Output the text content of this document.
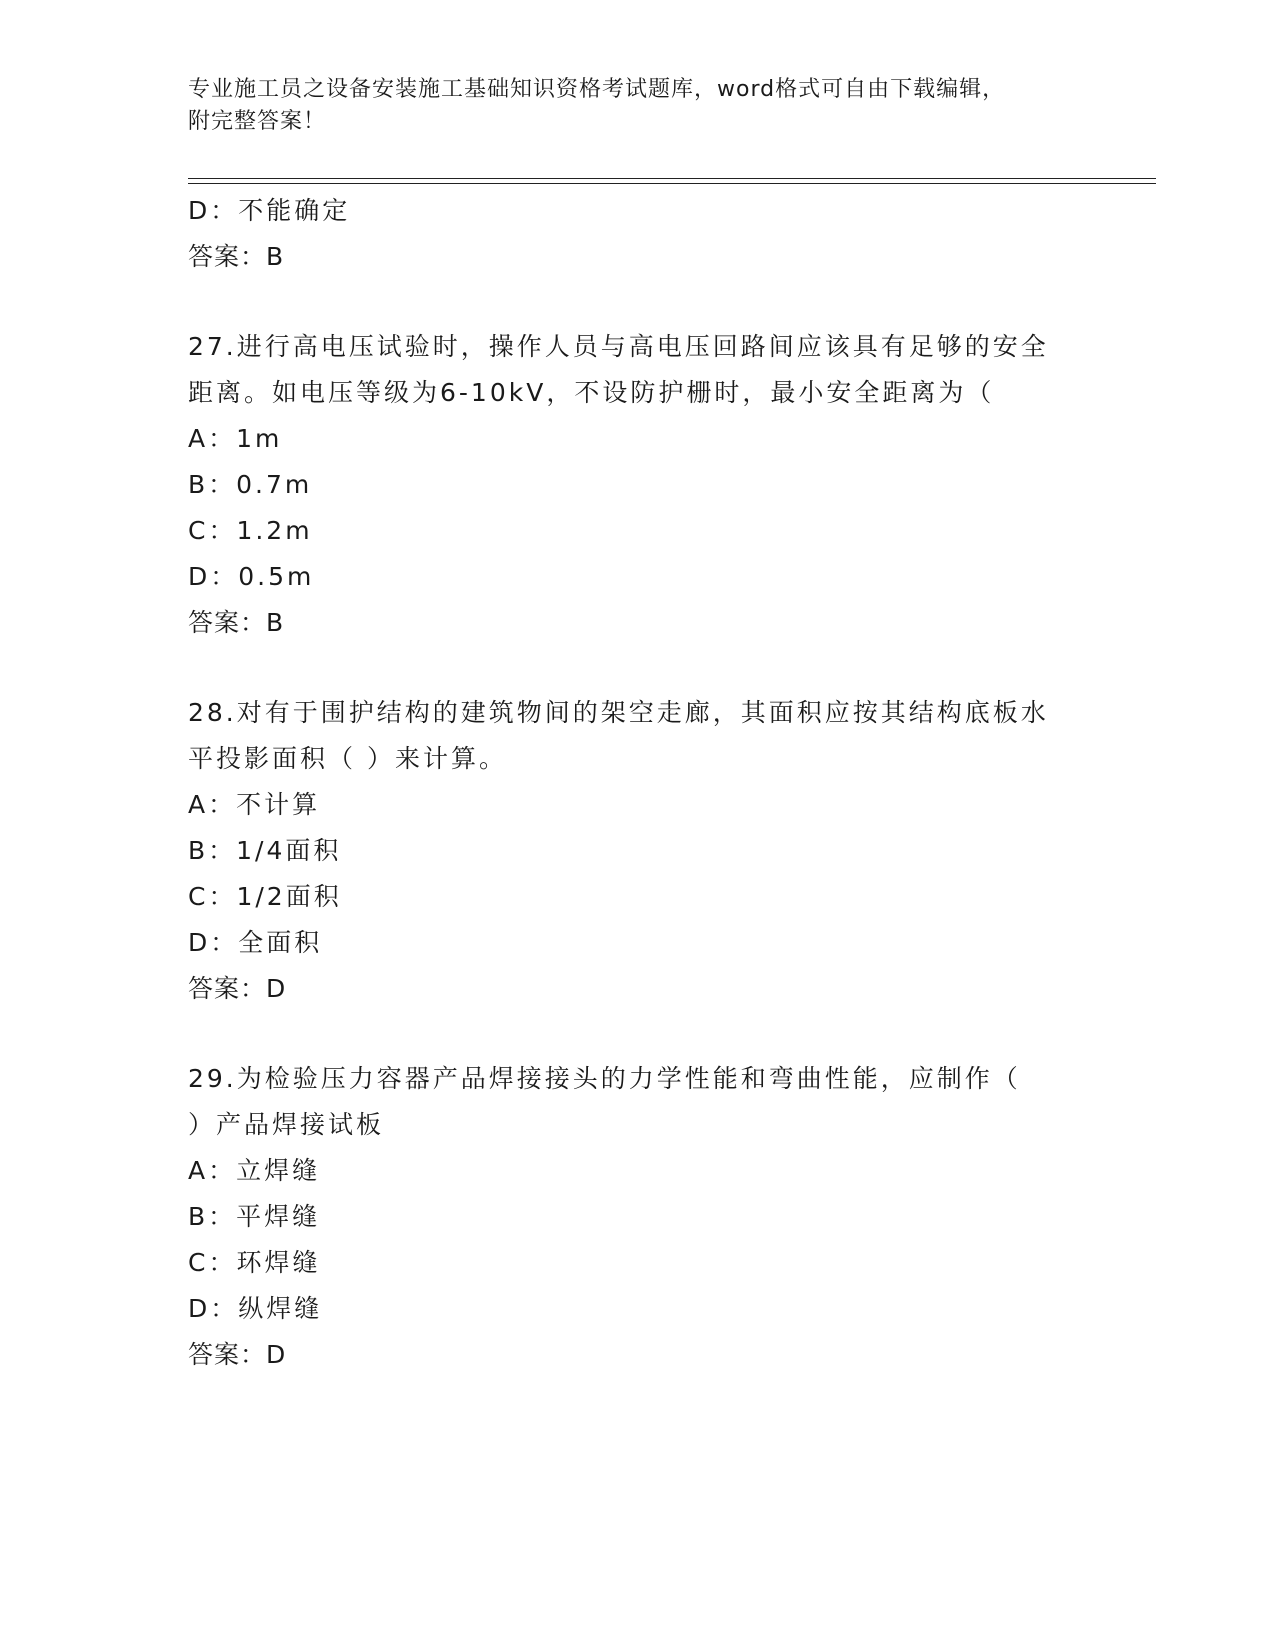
专业施工员之设备安装施工基础知识资格考试题库，word格式可自由下载编辑，
附完整答案！

D：不能确定

答案：B

27.进行高电压试验时，操作人员与高电压回路间应该具有足够的安全

距离。如电压等级为6-10kV，不设防护栅时，最小安全距离为（

A：1m

B：0.7m

C：1.2m

D：0.5m

答案：B

28.对有于围护结构的建筑物间的架空走廊，其面积应按其结构底板水

平投影面积（ ）来计算。

A：不计算

B：1/4面积

C：1/2面积

D：全面积

答案：D

29.为检验压力容器产品焊接接头的力学性能和弯曲性能，应制作（

）产品焊接试板

A：立焊缝

B：平焊缝

C：环焊缝

D：纵焊缝

答案：D
